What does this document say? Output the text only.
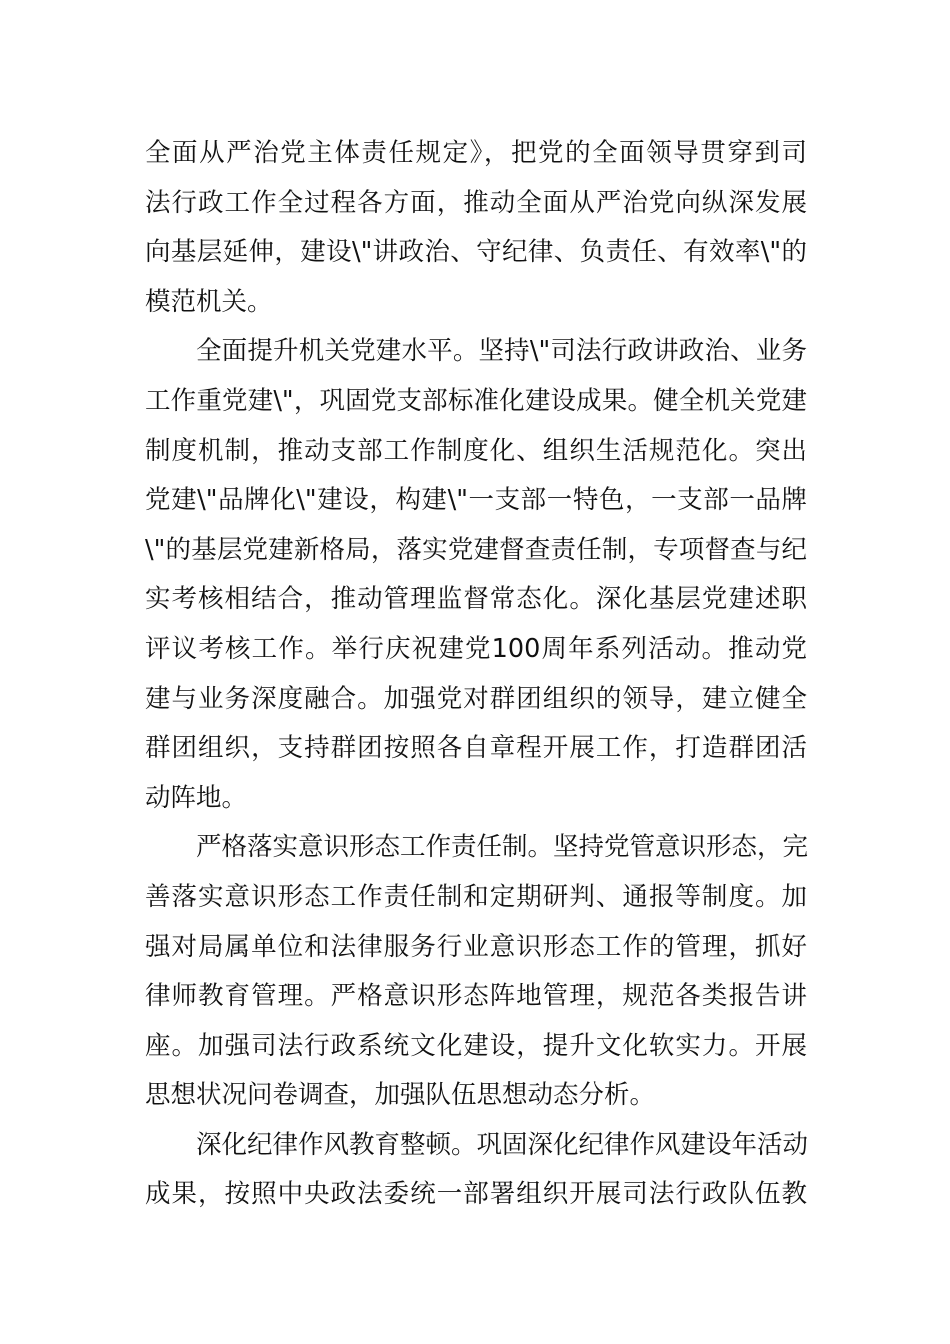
全面从严治党主体责任规定》，把党的全面领导贯穿到司
法行政工作全过程各方面，推动全面从严治党向纵深发展
向基层延伸，建设\"讲政治、守纪律、负责任、有效率\"的
模范机关。
全面提升机关党建水平。坚持\"司法行政讲政治、业务
工作重党建\"，巩固党支部标准化建设成果。健全机关党建
制度机制，推动支部工作制度化、组织生活规范化。突出
党建\"品牌化\"建设，构建\"一支部一特色，一支部一品牌
\"的基层党建新格局，落实党建督查责任制，专项督查与纪
实考核相结合，推动管理监督常态化。深化基层党建述职
评议考核工作。举行庆祝建党100周年系列活动。推动党
建与业务深度融合。加强党对群团组织的领导，建立健全
群团组织，支持群团按照各自章程开展工作，打造群团活
动阵地。
严格落实意识形态工作责任制。坚持党管意识形态，完
善落实意识形态工作责任制和定期研判、通报等制度。加
强对局属单位和法律服务行业意识形态工作的管理，抓好
律师教育管理。严格意识形态阵地管理，规范各类报告讲
座。加强司法行政系统文化建设，提升文化软实力。开展
思想状况问卷调查，加强队伍思想动态分析。
深化纪律作风教育整顿。巩固深化纪律作风建设年活动
成果，按照中央政法委统一部署组织开展司法行政队伍教
